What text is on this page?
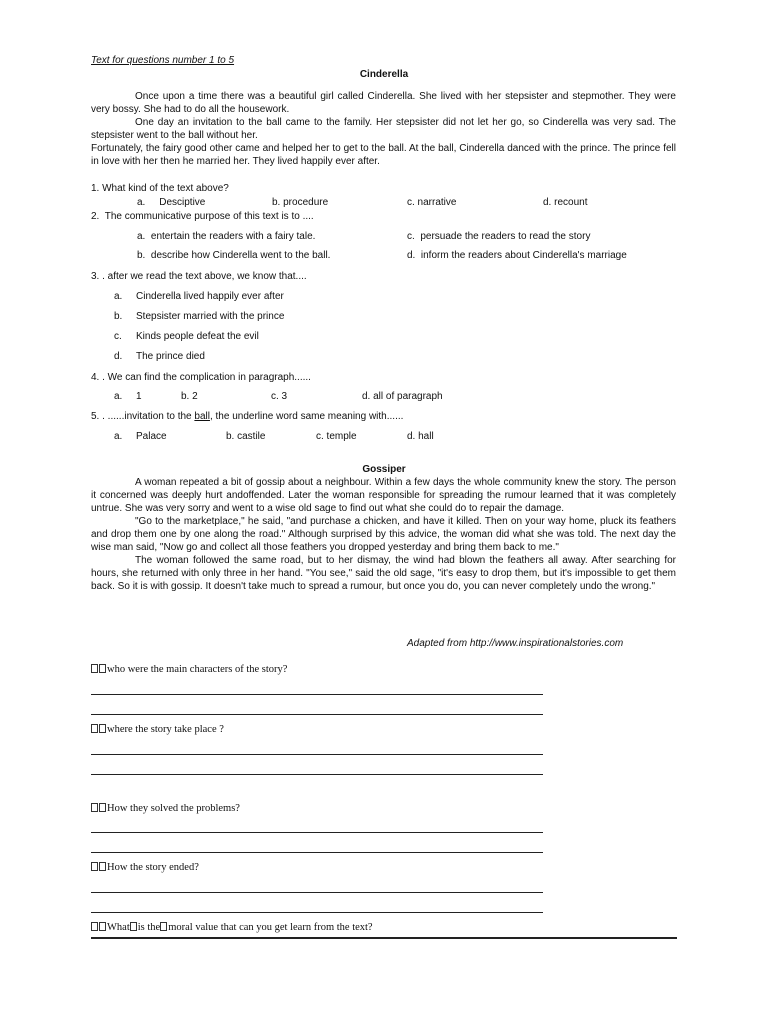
Text for questions number 1 to 5
Cinderella

Once upon a time there was a beautiful girl called Cinderella. She lived with her stepsister and stepmother. They were very bossy. She had to do all the housework.

One day an invitation to the ball came to the family. Her stepsister did not let her go, so Cinderella was very sad. The stepsister went to the ball without her.

Fortunately, the fairy good other came and helped her to get to the ball. At the ball, Cinderella danced with the prince. The prince fell in love with her then he married her. They lived happily ever after.

1. What kind of the text above?
a.     Desciptive	b. procedure	c. narrative	d. recount
2.  The communicative purpose of this text is to ....
a.  entertain the readers with a fairy tale.	c.  persuade the readers to read the story
b.  describe how Cinderella went to the ball.	d.  inform the readers about Cinderella's marriage
3. . after we read the text above, we know that....
a. Cinderella lived happily ever after
b. Stepsister married with the prince
c. Kinds people defeat the evil
d. The prince died
4. . We can find the complication in paragraph......
a. 1	b. 2	c. 3	d. all of paragraph
5. . ......invitation to the ball, the underline word same meaning with......
a. Palace	b. castile	c. temple	d. hall
Gossiper

A woman repeated a bit of gossip about a neighbour. Within a few days the whole community knew the story. The person it concerned was deeply hurt andoffended. Later the woman responsible for spreading the rumour learned that it was completely untrue. She was very sorry and went to a wise old sage to find out what she could do to repair the damage.

"Go to the marketplace," he said, "and purchase a chicken, and have it killed. Then on your way home, pluck its feathers and drop them one by one along the road." Although surprised by this advice, the woman did what she was told. The next day the wise man said, "Now go and collect all those feathers you dropped yesterday and bring them back to me."

The woman followed the same road, but to her dismay, the wind had blown the feathers all away. After searching for hours, she returned with only three in her hand. "You see," said the old sage, "it's easy to drop them, but it's impossible to get them back. So it is with gossip. It doesn't take much to spread a rumour, but once you do, you can never completely undo the wrong."

Adapted from http://www.inspirationalstories.com
who were the main characters of the story?
where the story take place ?
How they solved the problems?
How the story ended?
What is the moral value that can you get learn from the text?
